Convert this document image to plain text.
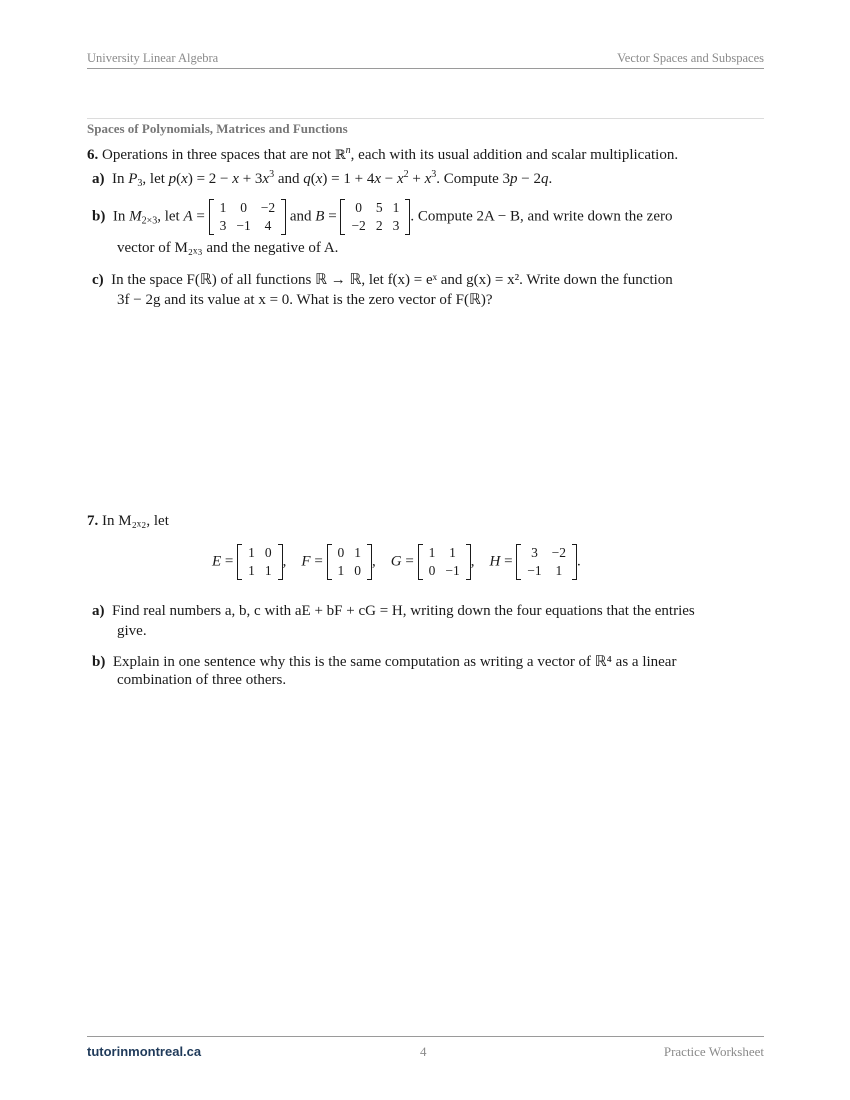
University Linear Algebra	Vector Spaces and Subspaces
Spaces of Polynomials, Matrices and Functions
6. Operations in three spaces that are not ℝ$^n$, each with its usual addition and scalar multiplication.
a)  In $P_3$, let $p(x) = 2 - x + 3x^3$ and $q(x) = 1 + 4x - x^2 + x^3$. Compute 3p − 2q.
b)  In $M_{2\times 3}$, let A =
1	0	−2
3	−1	4
and B =
0	5	1
−2	2	3
. Compute 2A − B, and write down the zero
vector of M₂ₓ₃ and the negative of A.
c) In the space F(ℝ) of all functions ℝ → ℝ, let f(x) = eˣ and g(x) = x². Write down the function
3f − 2g and its value at x = 0. What is the zero vector of F(ℝ)?
7. In M₂ₓ₂, let
E =
1	0
1	1
,    F =
0	1
1	0
,    G =
1	1
0	−1
,    H =
3	−2
−1	1
.
a) Find real numbers a, b, c with aE + bF + cG = H, writing down the four equations that the entries
give.
b) Explain in one sentence why this is the same computation as writing a vector of ℝ⁴ as a linear
combination of three others.
tutorinmontreal.ca	4	Practice Worksheet
